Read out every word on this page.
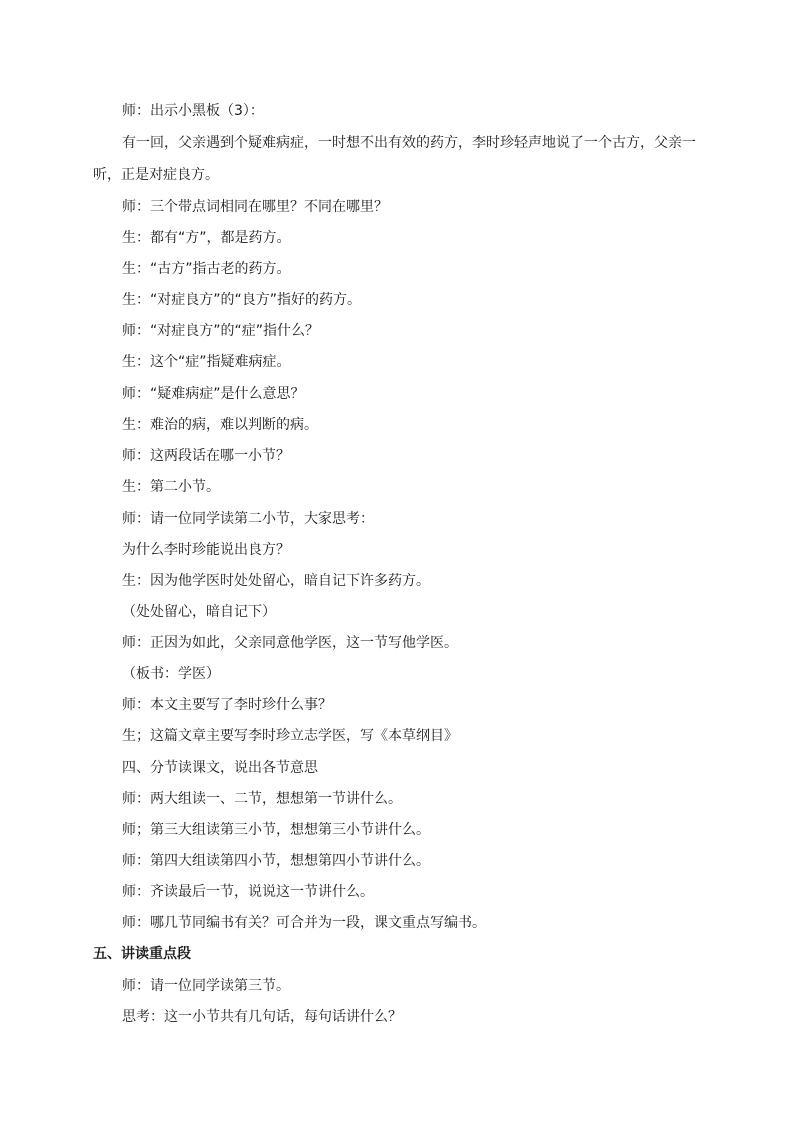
师：出示小黑板（3）：
有一回，父亲遇到个疑难病症，一时想不出有效的药方，李时珍轻声地说了一个古方，父亲一
听，正是对症良方。
师：三个带点词相同在哪里？不同在哪里？
生：都有“方”，都是药方。
生：“古方”指古老的药方。
生：“对症良方”的“良方”指好的药方。
师：“对症良方”的“症”指什么？
生：这个“症”指疑难病症。
师：“疑难病症”是什么意思？
生：难治的病，难以判断的病。
师：这两段话在哪一小节？
生：第二小节。
师：请一位同学读第二小节，大家思考：
为什么李时珍能说出良方？
生：因为他学医时处处留心，暗自记下许多药方。
（处处留心，暗自记下）
师：正因为如此，父亲同意他学医，这一节写他学医。
（板书：学医）
师：本文主要写了李时珍什么事？
生；这篇文章主要写李时珍立志学医，写《本草纲目》
四、分节读课文，说出各节意思
师：两大组读一、二节，想想第一节讲什么。
师；第三大组读第三小节，想想第三小节讲什么。
师：第四大组读第四小节，想想第四小节讲什么。
师：齐读最后一节，说说这一节讲什么。
师：哪几节同编书有关？可合并为一段，课文重点写编书。
五、讲读重点段
师：请一位同学读第三节。
思考：这一小节共有几句话，每句话讲什么？
